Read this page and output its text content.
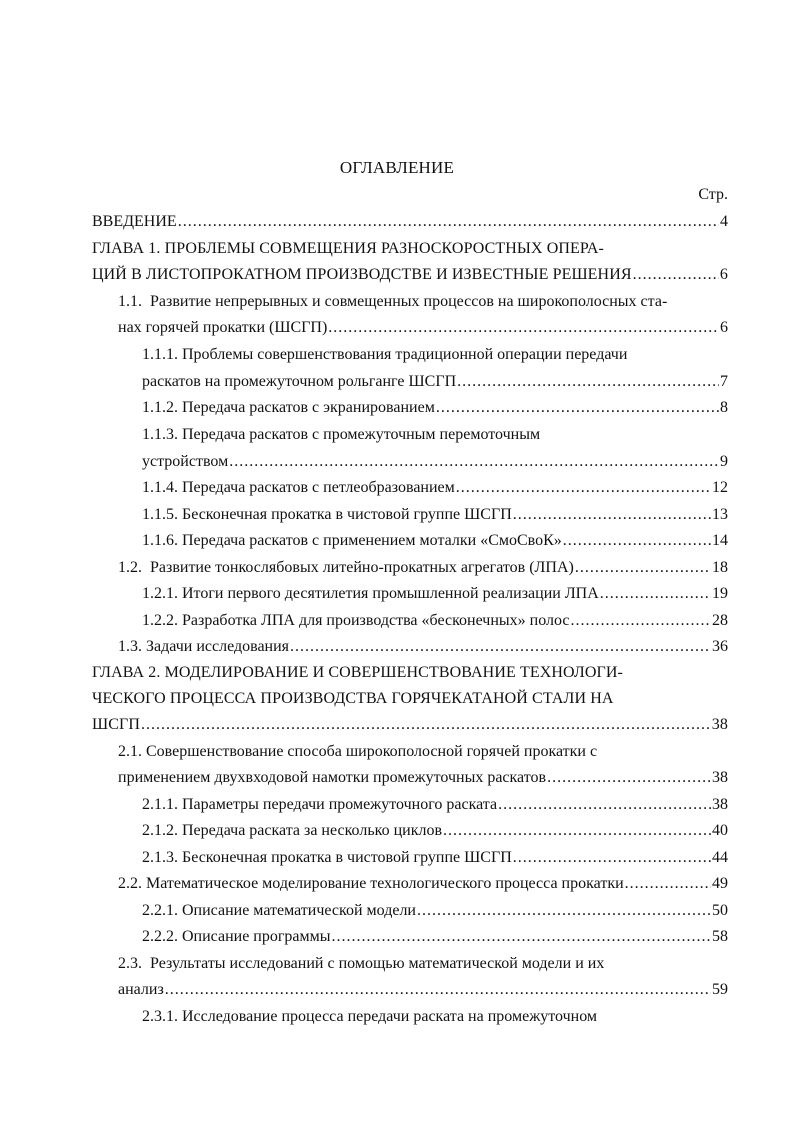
ОГЛАВЛЕНИЕ
Стр.
ВВЕДЕНИЕ .....	4
ГЛАВА 1. ПРОБЛЕМЫ СОВМЕЩЕНИЯ РАЗНОСКОРОСТНЫХ ОПЕРА-
ЦИЙ В ЛИСТОПРОКАТНОМ ПРОИЗВОДСТВЕ И ИЗВЕСТНЫЕ РЕШЕНИЯ .....	6
1.1.  Развитие непрерывных и совмещенных процессов на широкополосных ста-
нах горячей прокатки (ШСГП) .....	6
1.1.1. Проблемы совершенствования традиционной операции передачи
раскатов на промежуточном рольганге ШСГП .....	7
1.1.2. Передача раскатов с экранированием .....	8
1.1.3. Передача раскатов с промежуточным перемоточным
устройством .....	9
1.1.4. Передача раскатов с петлеобразованием .....	12
1.1.5. Бесконечная прокатка в чистовой группе ШСГП .....	13
1.1.6. Передача раскатов с применением моталки «СмоСвоК» .....	14
1.2.  Развитие тонкослябовых литейно-прокатных агрегатов (ЛПА) .....	18
1.2.1. Итоги первого десятилетия промышленной реализации ЛПА .....	19
1.2.2. Разработка ЛПА для производства «бесконечных» полос .....	28
1.3. Задачи исследования .....	36
ГЛАВА 2. МОДЕЛИРОВАНИЕ И СОВЕРШЕНСТВОВАНИЕ ТЕХНОЛОГИ-
ЧЕСКОГО ПРОЦЕССА ПРОИЗВОДСТВА ГОРЯЧЕКАТАНОЙ СТАЛИ НА
ШСГП .....	38
2.1. Совершенствование способа широкополосной горячей прокатки с
применением двухвходовой намотки промежуточных раскатов .....	38
2.1.1. Параметры передачи промежуточного раската .....	38
2.1.2. Передача раската за несколько циклов .....	40
2.1.3. Бесконечная прокатка в чистовой группе ШСГП .....	44
2.2. Математическое моделирование технологического процесса прокатки .....	49
2.2.1. Описание математической модели .....	50
2.2.2. Описание программы .....	58
2.3.  Результаты исследований с помощью математической модели и их
анализ .....	59
2.3.1. Исследование процесса передачи раската на промежуточном
